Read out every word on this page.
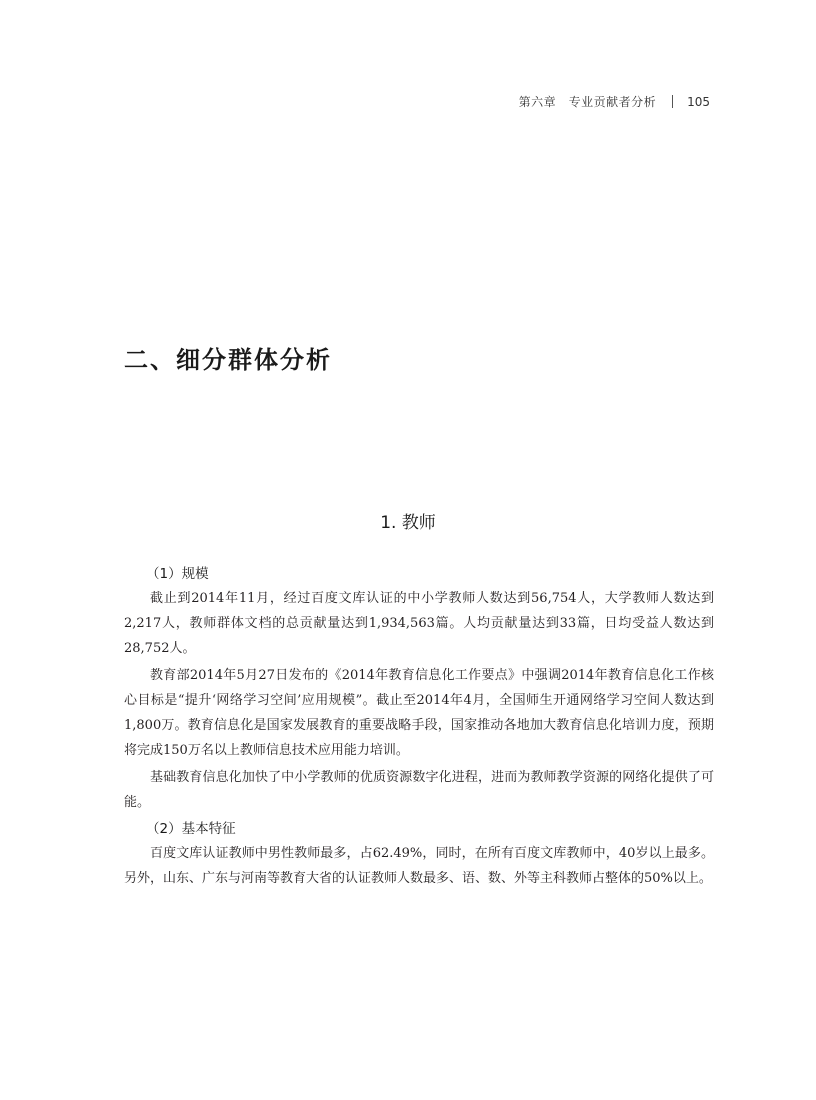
第六章　专业贡献者分析	105
二、细分群体分析
1. 教师

（1）规模

截止到2014年11月，经过百度文库认证的中小学教师人数达到56,754人，大学教师人数达到2,217人，教师群体文档的总贡献量达到1,934,563篇。人均贡献量达到33篇，日均受益人数达到28,752人。

教育部2014年5月27日发布的《2014年教育信息化工作要点》中强调2014年教育信息化工作核心目标是“提升‘网络学习空间’应用规模”。截止至2014年4月，全国师生开通网络学习空间人数达到1,800万。教育信息化是国家发展教育的重要战略手段，国家推动各地加大教育信息化培训力度，预期将完成150万名以上教师信息技术应用能力培训。

基础教育信息化加快了中小学教师的优质资源数字化进程，进而为教师教学资源的网络化提供了可能。

（2）基本特征

百度文库认证教师中男性教师最多，占62.49%，同时，在所有百度文库教师中，40岁以上最多。另外，山东、广东与河南等教育大省的认证教师人数最多、语、数、外等主科教师占整体的50%以上。
